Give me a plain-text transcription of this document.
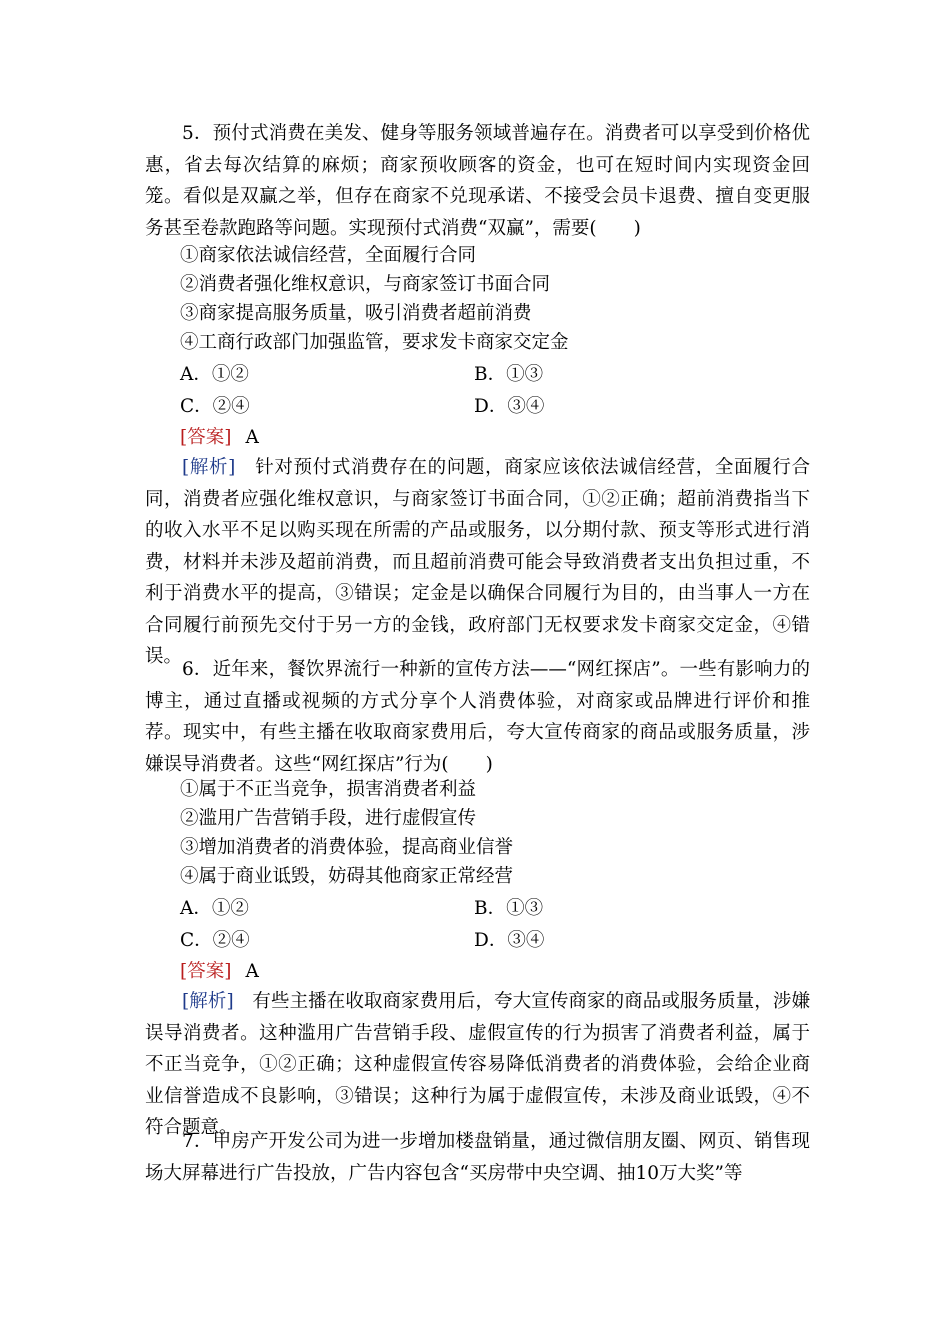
5．预付式消费在美发、健身等服务领域普遍存在。消费者可以享受到价格优惠，省去每次结算的麻烦；商家预收顾客的资金，也可在短时间内实现资金回笼。看似是双赢之举，但存在商家不兑现承诺、不接受会员卡退费、擅自变更服务甚至卷款跑路等问题。实现预付式消费“双赢”，需要(　　)

①商家依法诚信经营，全面履行合同

②消费者强化维权意识，与商家签订书面合同

③商家提高服务质量，吸引消费者超前消费

④工商行政部门加强监管，要求发卡商家交定金

A．①②	B．①③
C．②④	D．③④
[答案] A

[解析]　 针对预付式消费存在的问题，商家应该依法诚信经营，全面履行合同，消费者应强化维权意识，与商家签订书面合同，①②正确；超前消费指当下的收入水平不足以购买现在所需的产品或服务，以分期付款、预支等形式进行消费，材料并未涉及超前消费，而且超前消费可能会导致消费者支出负担过重，不利于消费水平的提高，③错误；定金是以确保合同履行为目的，由当事人一方在合同履行前预先交付于另一方的金钱，政府部门无权要求发卡商家交定金，④错误。

6．近年来，餐饮界流行一种新的宣传方法——“网红探店”。一些有影响力的博主，通过直播或视频的方式分享个人消费体验，对商家或品牌进行评价和推荐。现实中，有些主播在收取商家费用后，夸大宣传商家的商品或服务质量，涉嫌误导消费者。这些“网红探店”行为(　　)

①属于不正当竞争，损害消费者利益

②滥用广告营销手段，进行虚假宣传

③增加消费者的消费体验，提高商业信誉

④属于商业诋毁，妨碍其他商家正常经营

A．①②	B．①③
C．②④	D．③④
[答案] A

[解析]　 有些主播在收取商家费用后，夸大宣传商家的商品或服务质量，涉嫌误导消费者。这种滥用广告营销手段、虚假宣传的行为损害了消费者利益，属于不正当竞争，①②正确；这种虚假宣传容易降低消费者的消费体验，会给企业商业信誉造成不良影响，③错误；这种行为属于虚假宣传，未涉及商业诋毁，④不符合题意。

7．甲房产开发公司为进一步增加楼盘销量，通过微信朋友圈、网页、销售现场大屏幕进行广告投放，广告内容包含“买房带中央空调、抽10万大奖”等
